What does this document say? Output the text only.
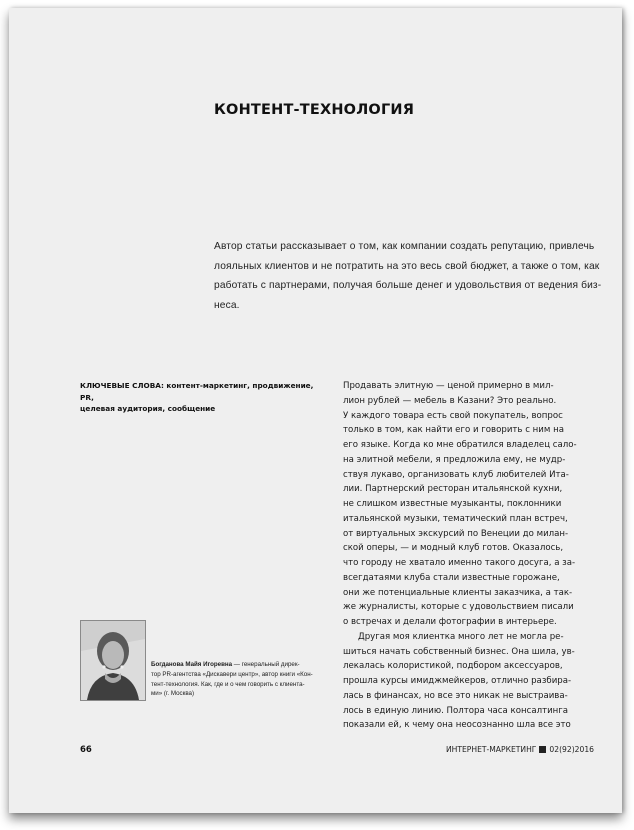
КОНТЕНТ-ТЕХНОЛОГИЯ
Автор статьи рассказывает о том, как компании создать репутацию, привлечь
лояльных клиентов и не потратить на это весь свой бюджет, а также о том, как
работать с партнерами, получая больше денег и удовольствия от ведения биз-
неса.
КЛЮЧЕВЫЕ СЛОВА: контент-маркетинг, продвижение, PR,
целевая аудитория, сообщение
Богданова Майя Игоревна — генеральный дирек-
тор PR-агентства «Дискавери центр», автор книги «Кон-
тент-технология. Как, где и о чем говорить с клиента-
ми» (г. Москва)
Продавать элитную — ценой примерно в мил-
лион рублей — мебель в Казани? Это реально.
У каждого товара есть свой покупатель, вопрос
только в том, как найти его и говорить с ним на
его языке. Когда ко мне обратился владелец сало-
на элитной мебели, я предложила ему, не мудр-
ствуя лукаво, организовать клуб любителей Ита-
лии. Партнерский ресторан итальянской кухни,
не слишком известные музыканты, поклонники
итальянской музыки, тематический план встреч,
от виртуальных экскурсий по Венеции до милан-
ской оперы, — и модный клуб готов. Оказалось,
что городу не хватало именно такого досуга, а за-
всегдатаями клуба стали известные горожане,
они же потенциальные клиенты заказчика, а так-
же журналисты, которые с удовольствием писали
о встречах и делали фотографии в интерьере.
Другая моя клиентка много лет не могла ре-
шиться начать собственный бизнес. Она шила, ув-
лекалась колористикой, подбором аксессуаров,
прошла курсы имиджмейкеров, отлично разбира-
лась в финансах, но все это никак не выстраива-
лось в единую линию. Полтора часа консалтинга
показали ей, к чему она неосознанно шла все это
66	ИНТЕРНЕТ-МАРКЕТИНГ 02(92)2016
